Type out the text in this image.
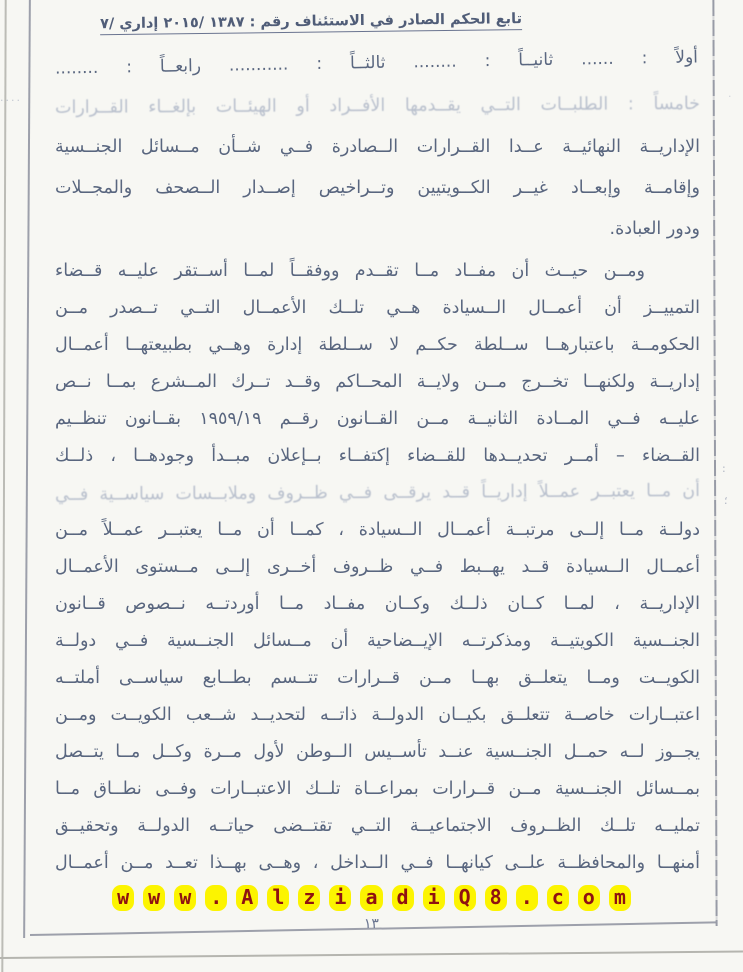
تابع الحكم الصادر في الاستئناف رقم : ١٣٨٧ /٢٠١٥ إداري /٧
أولاً : ...... ثانيــاً : ........ ثالثــاً : ........... رابعــاً : ........
خامساً : الطلبــات التــي يقــدمها الأفــراد أو الهيئــات بإلغــاء القــرارات
الإداريــة النهائيــة عــدا القــرارات الــصادرة فــي شــأن مــسائل الجنــسية
وإقامــة وإبعــاد غيــر الكــويتيين وتــراخيص إصــدار الــصحف والمجــلات
ودور العبادة.
ومــن حيــث أن مفــاد مــا تقــدم ووفقــاً لمــا أســتقر عليــه قــضاء
التمييــز أن أعمــال الــسيادة هــي تلــك الأعمــال التــي تــصدر مــن
الحكومــة باعتبارهــا ســلطة حكــم لا ســلطة إدارة وهــي بطبيعتهــا أعمــال
إداريــة ولكنهــا تخــرج مــن ولايــة المحــاكم وقــد تــرك المــشرع بمــا نــص
عليــه فــي المــادة الثانيــة مــن القــانون رقــم ١٩٥٩/١٩ بقــانون تنظــيم
القــضاء – أمــر تحديــدها للقــضاء إكتفــاء بــإعلان مبــدأ وجودهــا ، ذلــك
أن مــا يعتبــر عمــلاً إداريــاً قــد يرقــى فــي ظــروف وملابــسات سياســية فــي
دولــة مــا إلــى مرتبــة أعمــال الــسيادة ، كمــا أن مــا يعتبــر عمــلاً مــن
أعمــال الــسيادة قــد يهــبط فــي ظــروف أخــرى إلــى مــستوى الأعمــال
الإداريــة ، لمــا كــان ذلــك وكــان مفــاد مــا أوردتــه نــصوص قــانون
الجنــسية الكويتيــة ومذكرتــه الإيــضاحية أن مــسائل الجنــسية فــي دولــة
الكويــت ومــا يتعلــق بهــا مــن قــرارات تتــسم بطــابع سياســى أملتــه
اعتبــارات خاصــة تتعلــق بكيــان الدولــة ذاتــه لتحديــد شــعب الكويــت ومــن
يجــوز لــه حمــل الجنــسية عنــد تأســيس الــوطن لأول مــرة وكــل مــا يتــصل
بمــسائل الجنــسية مــن قــرارات بمراعــاة تلــك الاعتبــارات وفــى نطــاق مــا
تمليــه تلــك الظــروف الاجتماعيــة التــي تقتــضى حياتــه الدولــة وتحقيــق
أمنهــا والمحافظــة علــى كيانهــا فــي الــداخل ، وهــى بهــذا تعــد مــن أعمــال
w w w . A l z i a d i Q 8 . c o m
١٣
····
:
؛
·
